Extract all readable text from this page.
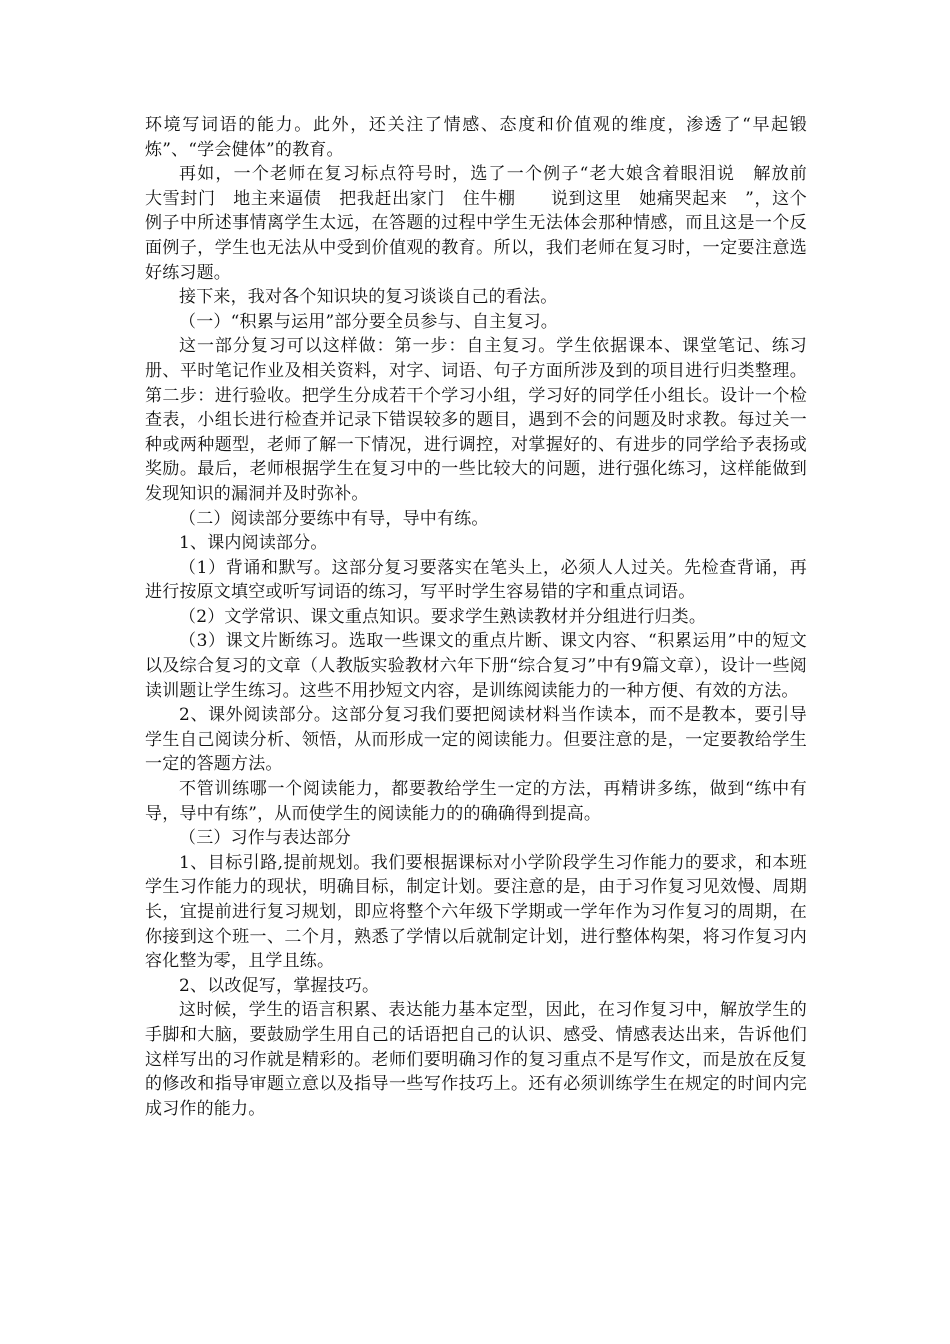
环境写词语的能力。此外，还关注了情感、态度和价值观的维度，渗透了“早起锻炼”、“学会健体”的教育。

再如，一个老师在复习标点符号时，选了一个例子“老大娘含着眼泪说　解放前　大雪封门　地主来逼债　把我赶出家门　住牛棚　　说到这里　她痛哭起来　”，这个例子中所述事情离学生太远，在答题的过程中学生无法体会那种情感，而且这是一个反面例子，学生也无法从中受到价值观的教育。所以，我们老师在复习时，一定要注意选好练习题。

接下来，我对各个知识块的复习谈谈自己的看法。

（一）“积累与运用”部分要全员参与、自主复习。

这一部分复习可以这样做：第一步：自主复习。学生依据课本、课堂笔记、练习册、平时笔记作业及相关资料，对字、词语、句子方面所涉及到的项目进行归类整理。第二步：进行验收。把学生分成若干个学习小组，学习好的同学任小组长。设计一个检查表，小组长进行检查并记录下错误较多的题目，遇到不会的问题及时求教。每过关一种或两种题型，老师了解一下情况，进行调控，对掌握好的、有进步的同学给予表扬或奖励。最后，老师根据学生在复习中的一些比较大的问题，进行强化练习，这样能做到发现知识的漏洞并及时弥补。

（二）阅读部分要练中有导，导中有练。

1、课内阅读部分。

（1）背诵和默写。这部分复习要落实在笔头上，必须人人过关。先检查背诵，再进行按原文填空或听写词语的练习，写平时学生容易错的字和重点词语。

（2）文学常识、课文重点知识。要求学生熟读教材并分组进行归类。

（3）课文片断练习。选取一些课文的重点片断、课文内容、“积累运用”中的短文以及综合复习的文章（人教版实验教材六年下册“综合复习”中有9篇文章），设计一些阅读训题让学生练习。这些不用抄短文内容，是训练阅读能力的一种方便、有效的方法。

2、课外阅读部分。这部分复习我们要把阅读材料当作读本，而不是教本，要引导学生自己阅读分析、领悟，从而形成一定的阅读能力。但要注意的是，一定要教给学生一定的答题方法。

不管训练哪一个阅读能力，都要教给学生一定的方法，再精讲多练，做到“练中有导，导中有练”，从而使学生的阅读能力的的确确得到提高。

（三）习作与表达部分

1、目标引路,提前规划。我们要根据课标对小学阶段学生习作能力的要求，和本班学生习作能力的现状，明确目标，制定计划。要注意的是，由于习作复习见效慢、周期长，宜提前进行复习规划，即应将整个六年级下学期或一学年作为习作复习的周期，在你接到这个班一、二个月，熟悉了学情以后就制定计划，进行整体构架，将习作复习内容化整为零，且学且练。

2、以改促写，掌握技巧。

这时候，学生的语言积累、表达能力基本定型，因此，在习作复习中，解放学生的手脚和大脑，要鼓励学生用自己的话语把自己的认识、感受、情感表达出来，告诉他们这样写出的习作就是精彩的。老师们要明确习作的复习重点不是写作文，而是放在反复的修改和指导审题立意以及指导一些写作技巧上。还有必须训练学生在规定的时间内完成习作的能力。
